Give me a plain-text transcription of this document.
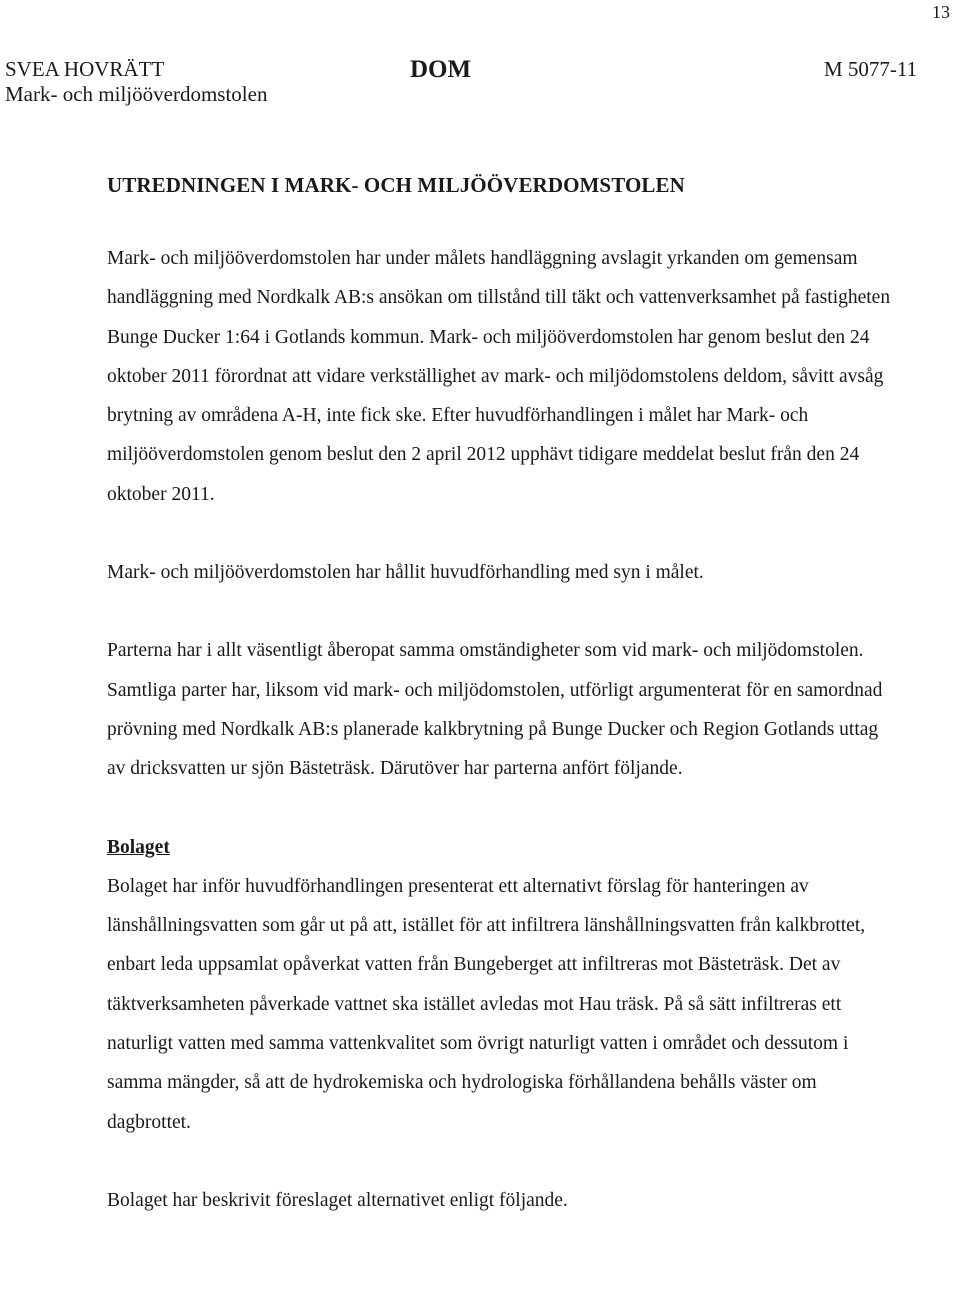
13
SVEA HOVRÄTT
Mark- och miljööverdomstolen
DOM	M 5077-11

UTREDNINGEN I MARK- OCH MILJÖÖVERDOMSTOLEN

Mark- och miljööverdomstolen har under målets handläggning avslagit yrkanden om gemensam handläggning med Nordkalk AB:s ansökan om tillstånd till täkt och vattenverksamhet på fastigheten Bunge Ducker 1:64 i Gotlands kommun. Mark- och miljööverdomstolen har genom beslut den 24 oktober 2011 förordnat att vidare verkställighet av mark- och miljödomstolens deldom, såvitt avsåg brytning av områdena A-H, inte fick ske. Efter huvudförhandlingen i målet har Mark- och miljööverdomstolen genom beslut den 2 april 2012 upphävt tidigare meddelat beslut från den 24 oktober 2011.

Mark- och miljööverdomstolen har hållit huvudförhandling med syn i målet.

Parterna har i allt väsentligt åberopat samma omständigheter som vid mark- och miljödomstolen. Samtliga parter har, liksom vid mark- och miljödomstolen, utförligt argumenterat för en samordnad prövning med Nordkalk AB:s planerade kalkbrytning på Bunge Ducker och Region Gotlands uttag av dricksvatten ur sjön Bästeträsk. Därutöver har parterna anfört följande.

Bolaget

Bolaget har inför huvudförhandlingen presenterat ett alternativt förslag för hanteringen av länshållningsvatten som går ut på att, istället för att infiltrera länshållningsvatten från kalkbrottet, enbart leda uppsamlat opåverkat vatten från Bungeberget att infiltreras mot Bästeträsk. Det av täktverksamheten påverkade vattnet ska istället avledas mot Hau träsk. På så sätt infiltreras ett naturligt vatten med samma vattenkvalitet som övrigt naturligt vatten i området och dessutom i samma mängder, så att de hydrokemiska och hydrologiska förhållandena behålls väster om dagbrottet.

Bolaget har beskrivit föreslaget alternativet enligt följande.
